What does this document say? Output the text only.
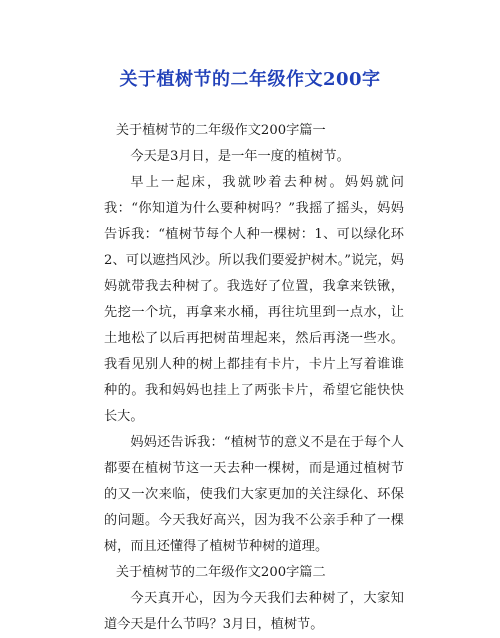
关于植树节的二年级作文200字

关于植树节的二年级作文200字篇一

今天是3月日，是一年一度的植树节。

早上一起床，我就吵着去种树。妈妈就问我：“你知道为什么要种树吗？”我摇了摇头，妈妈告诉我：“植树节每个人种一棵树：1、可以绿化环2、可以遮挡风沙。所以我们要爱护树木。”说完，妈妈就带我去种树了。我选好了位置，我拿来铁锹，先挖一个坑，再拿来水桶，再往坑里到一点水，让土地松了以后再把树苗埋起来，然后再浇一些水。我看见别人种的树上都挂有卡片，卡片上写着谁谁种的。我和妈妈也挂上了两张卡片，希望它能快快长大。

妈妈还告诉我：“植树节的意义不是在于每个人都要在植树节这一天去种一棵树，而是通过植树节的又一次来临，使我们大家更加的关注绿化、环保的问题。今天我好高兴，因为我不公亲手种了一棵树，而且还懂得了植树节种树的道理。

关于植树节的二年级作文200字篇二

今天真开心，因为今天我们去种树了，大家知道今天是什么节吗？3月日，植树节。
